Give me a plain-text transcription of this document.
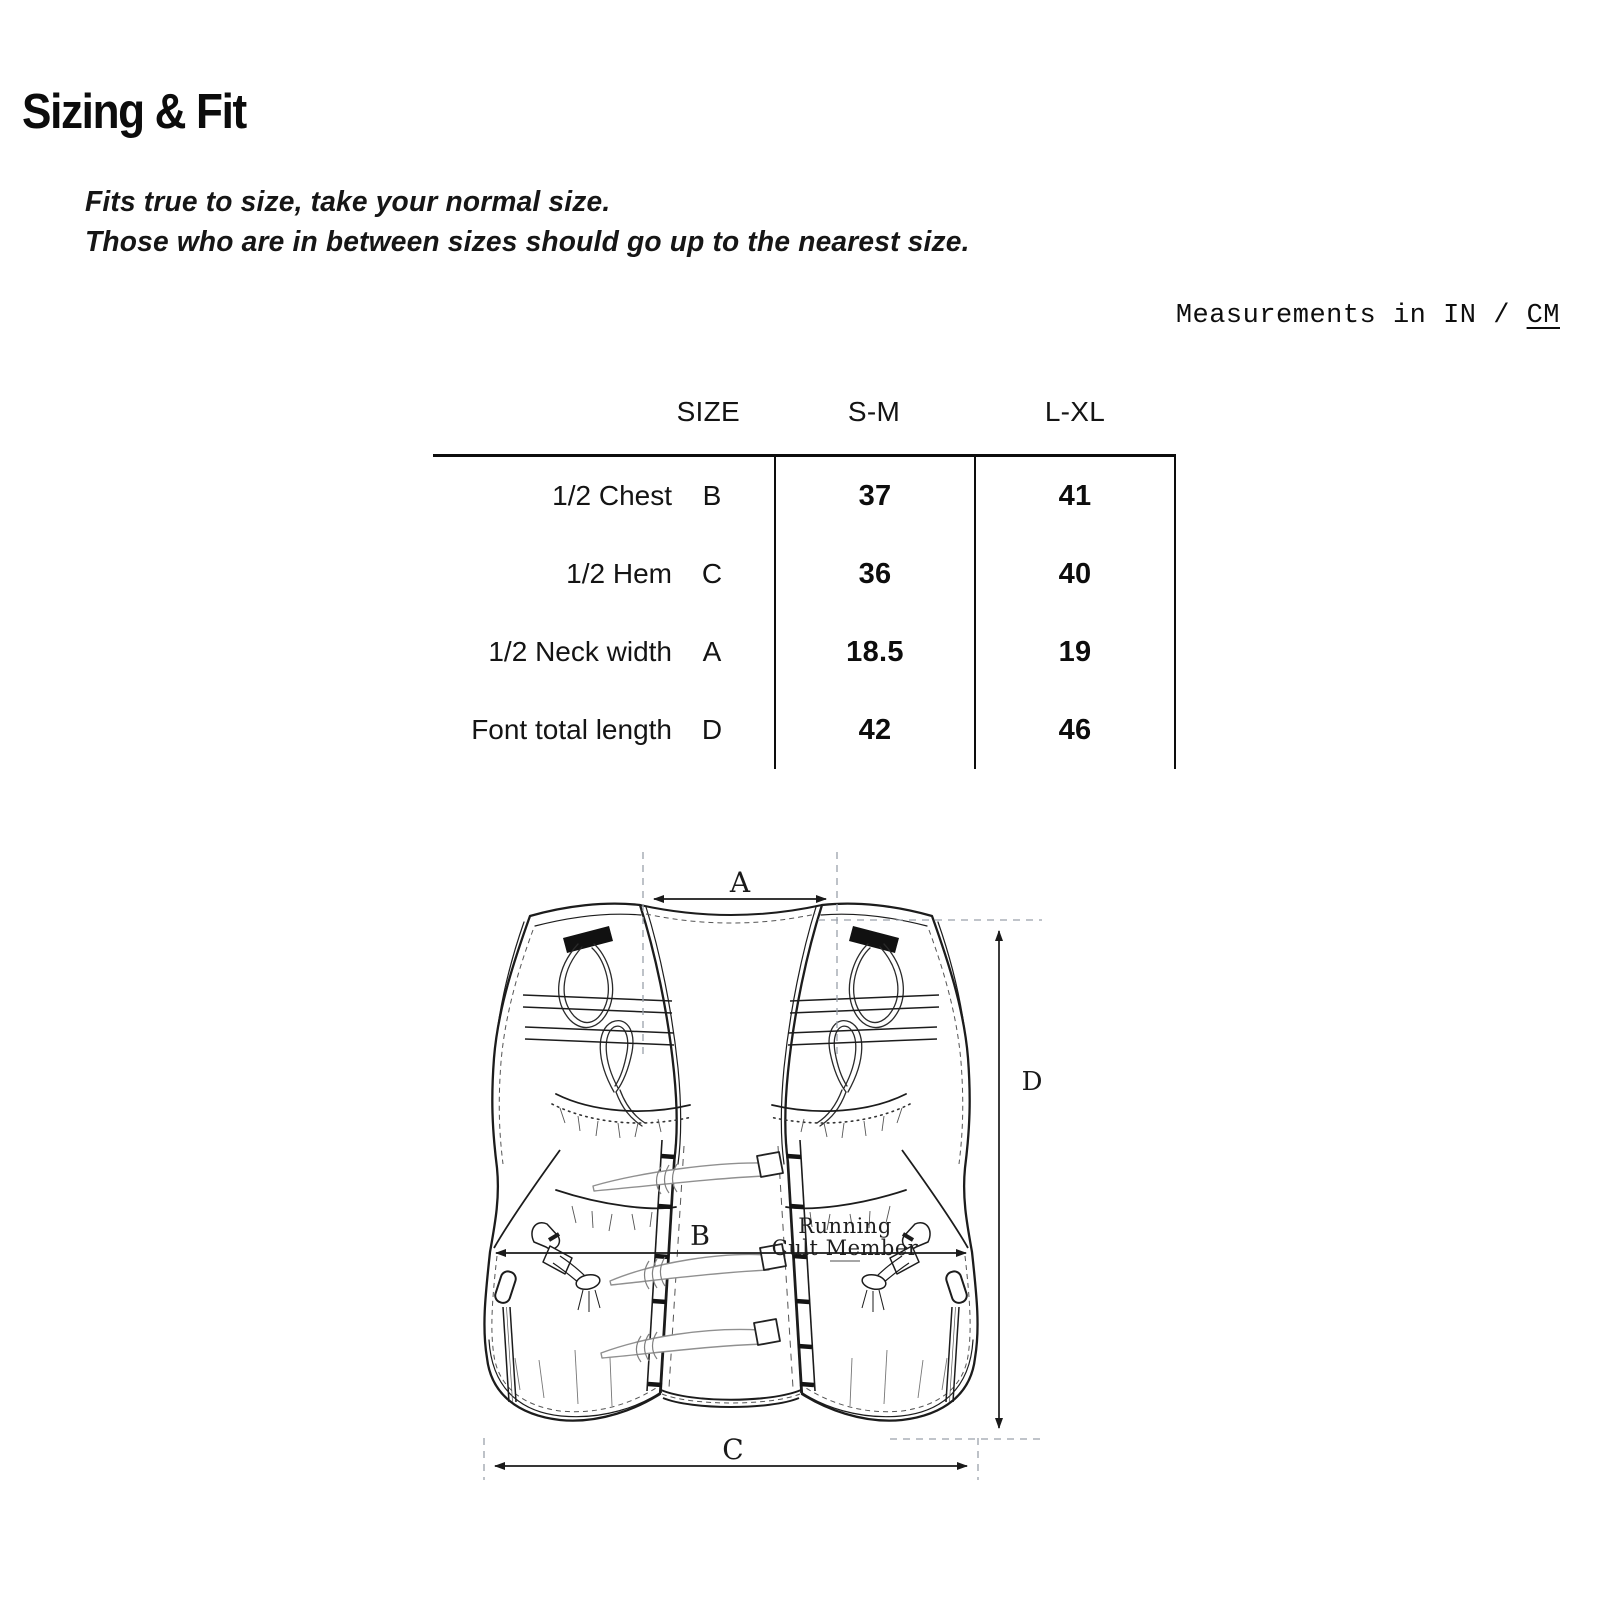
Sizing & Fit
Fits true to size, take your normal size.
Those who are in between sizes should go up to the nearest size.
Measurements in IN / CM
SIZE	S-M	L-XL
1/2 Chest	B	37	41
1/2 Hem C	36	40
1/2 Neck width	A	18.5	19
Font total length D	42	46
Running
Cult Member
A
B
C
D
